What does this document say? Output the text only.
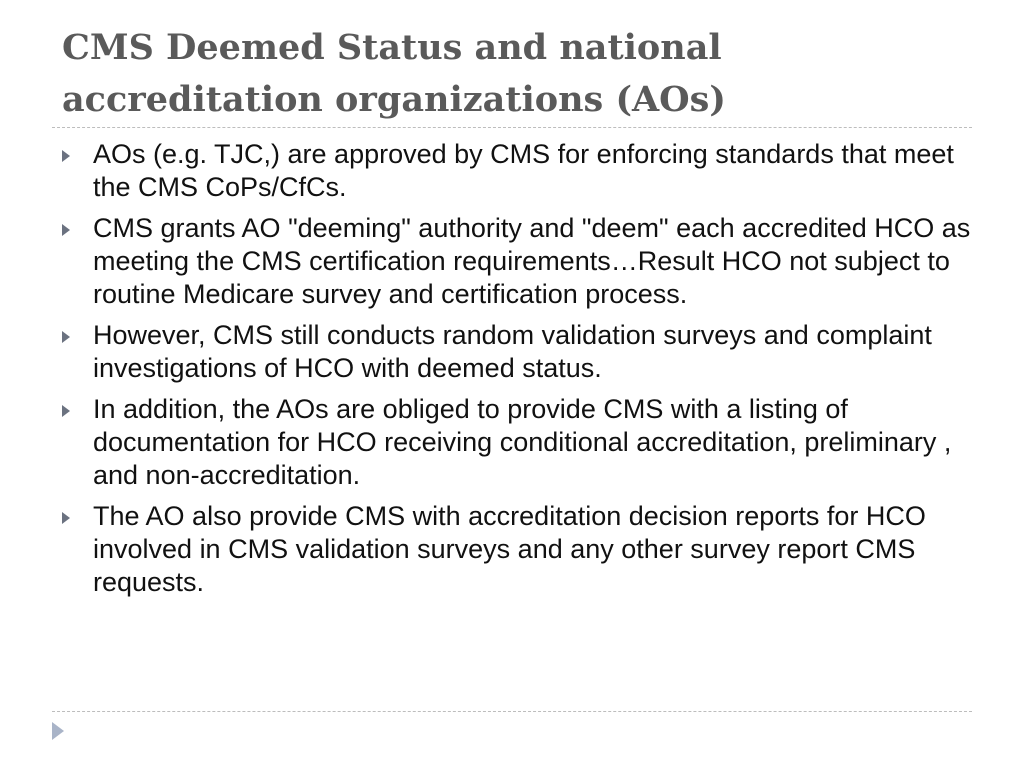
CMS Deemed Status and national accreditation organizations (AOs)
AOs (e.g. TJC,) are approved by CMS for enforcing standards that meet the CMS CoPs/CfCs.
CMS grants AO "deeming" authority and "deem" each accredited HCO as meeting the CMS certification requirements…Result HCO not subject to routine Medicare survey and certification process.
However, CMS still conducts random validation surveys and complaint investigations of HCO with deemed status.
In addition, the AOs are obliged to provide CMS with a listing of documentation for HCO receiving conditional accreditation, preliminary , and non-accreditation.
The AO also provide CMS with accreditation decision reports for HCO involved in CMS validation surveys and any other survey report CMS requests.
